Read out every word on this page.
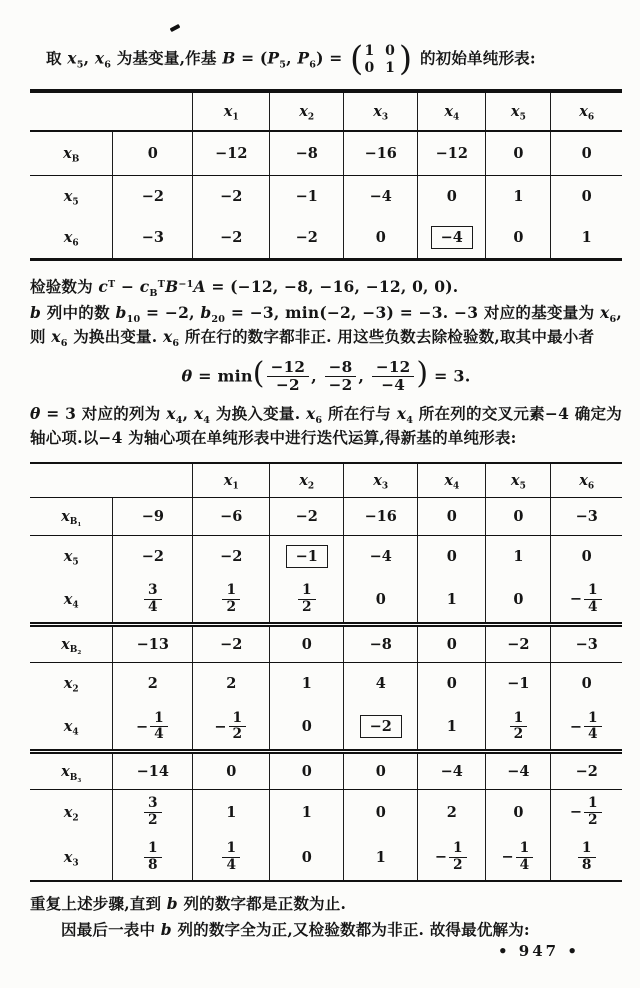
取 $x_5$, $x_6$ 为基变量,作基 $B = (P_5$, $P_6$) = ( 1 0
0 1 ) 的初始单纯形表:
		$x_1$	$x_2$	$x_3$	$x_4$	$x_5$	$x_6$
$x_B$	0	−12	−8	−16	−12	0	0
$x_5$	−2	−2	−1	−4	0	1	0
$x_6$	−3	−2	−2	0	−4	0	1
检验数为 $c^T - c_B^TB^{-1}A = (-12$, −8, −16, −12, 0, 0).
b 列中的数 $b_{10} = -2$, $b_{20} = -3$, min(−2, −3) = −3. −3 对应的基变量为 $x_6$, 则 $x_6$ 为换出变量. $x_6$ 所在行的数字都非正. 用这些负数去除检验数,取其中最小者
θ = min ( $\frac{-12}{-2}$ , $\frac{-8}{-2}$ , $\frac{-12}{-4}$ ) = 3.
θ = 3 对应的列为 $x_4$, $x_4$ 为换入变量. $x_6$ 所在行与 $x_4$ 所在列的交叉元素−4 确定为轴心项.以−4 为轴心项在单纯形表中进行迭代运算,得新基的单纯形表:
		$x_1$	$x_2$	$x_3$	$x_4$	$x_5$	$x_6$
$x_{B_1}$	−9	−6	−2	−16	0	0	−3
$x_5$	−2	−2	−1	−4	0	1	0
$x_4$	$\frac{3}{4}$	$\frac{1}{2}$	$\frac{1}{2}$	0	1	0	− $\frac{1}{4}$

$x_{B_2}$	−13	−2	0	−8	0	−2	−3
$x_2$	2	2	1	4	0	−1	0
$x_4$	− $\frac{1}{4}$	− $\frac{1}{2}$	0	−2	1	$\frac{1}{2}$	− $\frac{1}{4}$

$x_{B_3}$	−14	0	0	0	−4	−4	−2
$x_2$	$\frac{3}{2}$	1	1	0	2	0	− $\frac{1}{2}$

$x_3$	$\frac{1}{8}$	$\frac{1}{4}$	0	1	− $\frac{1}{2}$	− $\frac{1}{4}$	$\frac{1}{8}$
重复上述步骤,直到 b 列的数字都是正数为止.
因最后一表中 b 列的数字全为正,又检验数都为非正. 故得最优解为:
• 947 •
